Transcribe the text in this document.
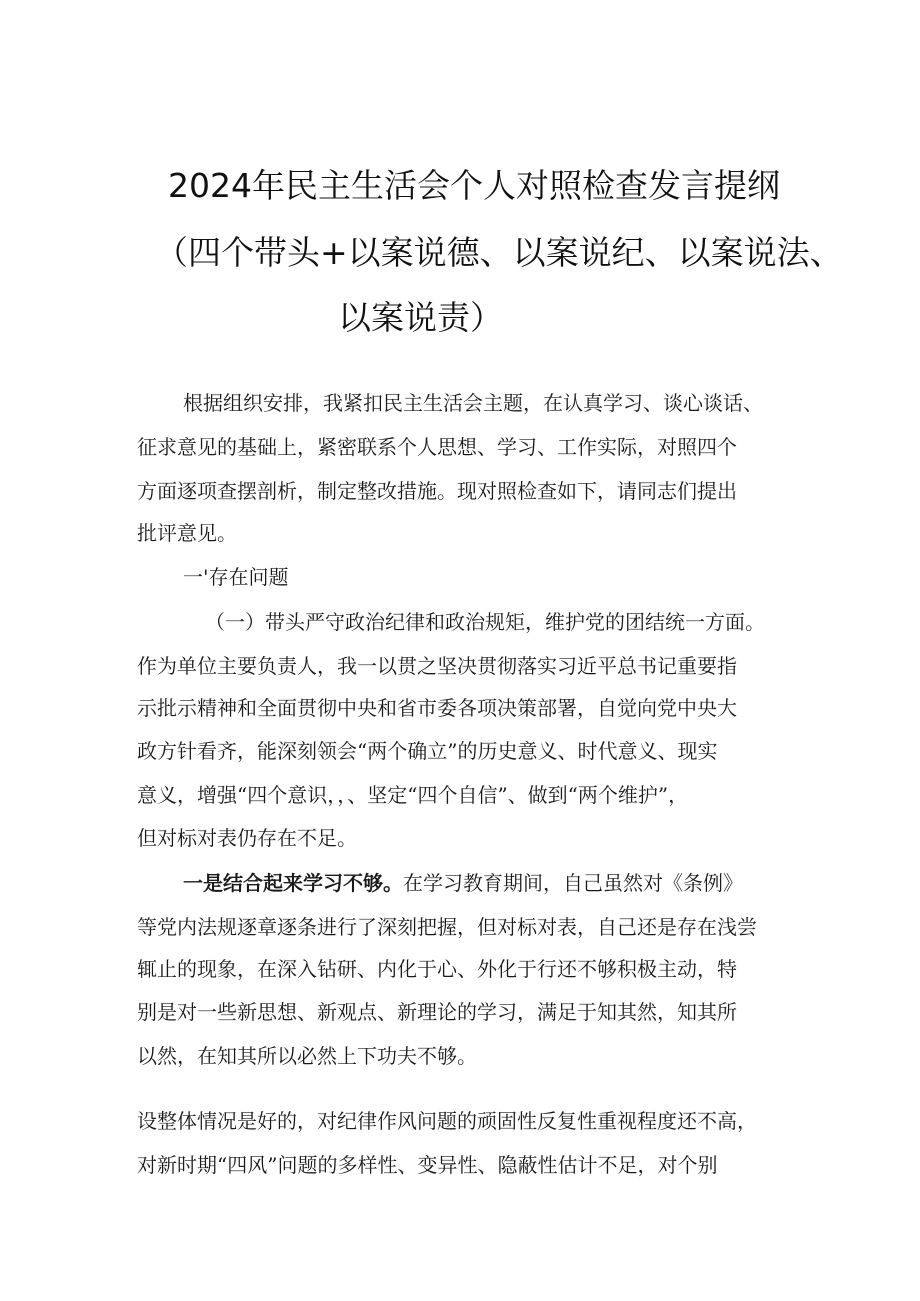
2024年民主生活会个人对照检查发言提纲
（四个带头+以案说德、以案说纪、以案说法、
以案说责）
根据组织安排，我紧扣民主生活会主题，在认真学习、谈心谈话、
征求意见的基础上，紧密联系个人思想、学习、工作实际，对照四个
方面逐项查摆剖析，制定整改措施。现对照检查如下，请同志们提出
批评意见。
一'存在问题
（一）带头严守政治纪律和政治规矩，维护党的团结统一方面。
作为单位主要负责人，我一以贯之坚决贯彻落实习近平总书记重要指
示批示精神和全面贯彻中央和省市委各项决策部署，自觉向党中央大
政方针看齐，能深刻领会“两个确立”的历史意义、时代意义、现实
意义，增强“四个意识，，、坚定“四个自信”、做到“两个维护”，
但对标对表仍存在不足。
一是结合起来学习不够。在学习教育期间，自己虽然对《条例》
等党内法规逐章逐条进行了深刻把握，但对标对表，自己还是存在浅尝
辄止的现象，在深入钻研、内化于心、外化于行还不够积极主动，特
别是对一些新思想、新观点、新理论的学习，满足于知其然，知其所
以然，在知其所以必然上下功夫不够。
设整体情况是好的，对纪律作风问题的顽固性反复性重视程度还不高，
对新时期“四风”问题的多样性、变异性、隐蔽性估计不足，对个别
